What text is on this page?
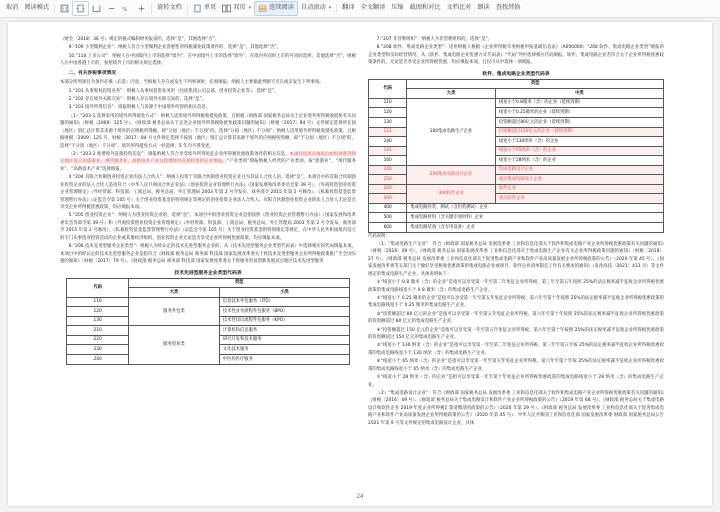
取消 阅读模式	%	旋转文档	单页	双页 ▾	连续阅读 自动滚动 ▾ 翻译 全文翻译 压缩 截图和对比 文档比对 朗读 查找替换

（财会〔2018〕36 号）规定的格式编制财务报表的，选择“是”，其他选择“否”。

9.“109 小型微利企业”：纳税人符合小型微利企业普惠性所得税减免政策条件的，选择“是”，其他选择“否”。

10.“110 上市公司”：纳税人在中国境内上市的选择“境内”，在中国境外上市的选择“境外”，在境内外同时上市的可同时选择；其他选择“否”。纳税人在中国香港上市的，参照境外上市的相关规定选择。

二、有关涉税事项情况

本部分所列项目为条件必填（必选）内容，当纳税人存在或发生下列事项时，必须填报，纳税人主要据此判断不否在或未发生下列事项。

1.“201 从事股权投资业务”：纳税人从事权投资业务的（包括集团公司总部、创业投资企业等），选择“是”。

2.“202 存在境外关联交易”：纳税人存在境外关联交易的，选择“是”。

3.“203 境外所得信息”：境报纳税人与采源于中国境外所得的相关信息。

（1）“203-1 选择采用的境外所得抵免方式”：纳税人适用境外所得税收抵免政策，且根据《财政部 国家税务总局关于企业境外所得税收抵免有关问题的通知》（财税〔2009〕125 号）、《财政部 税务总局关于完善企业境外所得税收抵免政策问题的通知》（财税〔2017〕84 号）文件规定选择所在国（地区）别汇总计算其来源于境外的应纳税所得额，即“分国（地区）不分项”的，选择“分国（地区）不分项”；纳税人适用境外所得税收抵免政策，且根据财税〔2009〕125 号、财税〔2017〕84 号文件规定选择不按国（地区）别汇总计算其来源于境外的应纳税所得额，即“不分国（地区）不分项”的，选择“不分国（地区）不分项”。境外所得抵免方式一经选择，5 年内不得变更。

（2）“203-2 新增境外直接投资信息”：填报纳税人符合享受境外所得免征企业所得税优惠政策条件的相关信息。本项目适用在海南自由贸易港等特定地区设立的旅游业、现代服务业、高新技术产业且新增境外直接投资的企业填报。“产业类别”填报纳税人经营的产业类别，按“旅游业”、“现代服务业”、“高新技术产业”选择填报。

4.“204 有限合伙制创业投资企业的法人合伙人”：纳税人投资于有限合伙制创业投资企业且为其法人合伙人的，选择“是”。本项目中的有限合伙制创业投资企业的法人合伙人是指符合《中华人民共和国合伙企业法》《创业投资企业管理暂行办法》（国家发展和改革委员会第 39 号）、《外商投资创业投资企业管理规定》（外经贸部、科技部、工商总局、税务总局、外汇管理局 2003 年第 2 号令发布；商务部令 2015 年第 2 号修改）、《私募投资基金监督管理暂行办法》（证监会令第 105 号）关于创业投资基金的特别规定等规定的创业投资企业法人合伙人。有限合伙制创业投资企业的法人合伙人无论是否享受企业所得税优惠政策，均应填报本项。

5.“205 创业投资企业”：纳税人为创业投资企业的，选择“是”。本项目中的创业投资企业是指按照《创业投资企业管理暂行办法》（国家发展和改革委员会等部令第 39 号）和《外商投资创业投资企业管理规定》（外经贸部、科技部、工商总局、税务总局、外汇管理局 2003 年第 2 号令发布，商务部令 2015 年第 2 号修改）、《私募投资基金监督管理暂行办法》（证监会令第 105 号）关于创业投资基金的特别规定等规定，在中华人民共和国境内设立的专门从事创业投资活动的企业或其他经济组织。创业投资企业无论是否享受企业所得税优惠政策，均应填报本项。

6.“206 技术先进型服务企业类型”：纳税人为经认定的技术先进型服务企业的，从《技术先进型服务企业类型代码表》中选择相应的代码填报本项。本项目中的经认定的技术先进型服务企业是指符合《财政部 税务总局 商务部 科技部 国家发展改革委关于将技术先进型服务企业所得税政策推广至全国实施的通知》（财税〔2017〕79 号）、《财政部 税务总局 商务部 科技部 国家发展改革委关于将服务贸易创新发展试点地区技术先进型服务

技术先进型服务企业类型代码表
代码	类型	
	大类	小类
110	服务外包类	信息技术外包服务（ITO）
120		技术性业务流程外包服务（BPO）
130		技术性知识流程外包服务（KPO）
210	服务贸易类	计算机和信息服务
220		研究开发和技术服务
230		文化技术服务
240		中医药医疗服务

7.“207 非营利组织”：纳税人为非营利组织的，选择“是”。

8.“208 软件、集成电路企业类型”：适用纳税人根据《企业所得税年度纳税申报基础信息表》（A000000）“208 软件、集成电路企业类型”填报的企业类型和实际经营情况，从《软件、集成电路企业优惠方式代码表》“代码”列中选择相应代码填报。软件、集成电路企业若符合关于企业所得税优惠政策条件的，无论是否享受企业所得税优惠，均应填报本项，且仅可从中选择一项填报。

软件、集成电路企业类型代码表
代码	类型	
	大类	中类
110	100集成电路生产企业	线宽小于0.8微米（含）的企业（延续到期）
120		线宽小于0.25微米的企业（延续到期）
130		投资额超过80亿元的企业（延续到期）
131		投资额超过150亿元的企业（延续到期）
140		线宽小于130纳米（含）的企业
141		线宽小于65纳米（含）的企业
160		线宽小于28纳米（含）的企业
240	200集成电路设计企业	集成电路设计企业
250		重点集成电路设计企业
330	300软件企业	软件企业
340		重点软件企业
400	集成电路封装、测试（含封装测试）企业	
500	集成电路材料（含关键专项材料）企业	
600	集成电路装备（含专用设备）企业	

代码说明：

（1）“集成电路生产企业”：符合《财政部 国家税务总局 发展改革委 工业和信息化部关于软件和集成电路产业企业所得税优惠政策有关问题的通知》（财税〔2016〕49 号）、《财政部 税务总局 国家发展改革委 工业和信息化部关于集成电路生产企业有关企业所得税政策问题的通知》（财税〔2018〕27 号）、《财政部 税务总局 发展改革委 工业和信息化部关于促进集成电路产业和软件产业高质量发展企业所得税政策的公告》（2020 年第 45 号）、《国家发展改革委等五部门关于做好享受税收优惠政策的集成电路企业或项目、软件企业清单制定工作有关要求的通知》（发改高技〔2021〕413 号）等文件规定的集成电路生产企业，具体说明如下：

①“线宽小于 0.8 微米（含）的企业”是指可以享受第一年至第二年免征企业所得税、第三年至第五年按照 25%的法定税率减半征收企业所得税优惠政策的集成电路线宽小于 0.8 微米（含）的集成电路生产企业。

②“线宽小于 0.25 微米的企业”是指可以享受第一年至第五年免征企业所得税、第六年至第十年按照 25%的法定税率减半征收企业所得税优惠政策的集成电路线宽小于 0.25 微米的集成电路生产企业。

③“投资额超过 80 亿元的企业”是指可以享受第一年至第五年免征企业所得税、第六年至第十年按照 25%的法定税率减半征收企业所得税优惠政策的投资额超过 80 亿元的集成电路生产企业。

④“投资额超过 150 亿元的企业”是指可以享受第一年至第五年免征企业所得税、第六年至第十年按照 25%的法定税率减半征收企业所得税优惠政策的投资额超过 150 亿元的集成电路生产企业。

⑤“线宽小于 130 纳米（含）的企业”是指可以享受第一年至第二年免征企业所得税、第三年至第五年按 25%的法定税率减半征收企业所得税优惠政策的集成电路线宽小于 130 纳米（含）的集成电路生产企业。

⑥“线宽小于 65 纳米（含）的企业”是指可以享受第一年至第五年免征企业所得税、第六年至第十年按 25%的法定税率减半征收企业所得税优惠政策的集成电路线宽小于 65 纳米（含）的集成电路生产企业。

⑦“线宽小于 28 纳米（含）的企业”是指可以享受第一年至第十年免征企业所得税优惠政策的集成电路线宽小于 28 纳米（含）的集成电路生产企业。

（2）“集成电路设计企业”：符合《财政部 国家税务总局 发展改革委 工业和信息化部关于软件和集成电路产业企业所得税优惠政策有关问题的通知》（财税〔2016〕49 号）、《财政部 税务总局关于集成电路设计和软件产业企业所得税政策的公告》（2019 年第 68 号）、《财政部 税务总局关于集成电路设计和软件企业 2019 年度企业所得税汇算清缴适用政策的公告》（2020 年第 29 号）、《财政部 税务总局 发展改革委 工业和信息化部关于促进集成电路产业和软件产业高质量发展企业所得税政策的公告》（2020 年第 45 号）、中华人民共和国工业和信息化部 国家发展改革委 财政部 国家税务总局公告 2021 年第 9 号等文件规定的集成电路设计企业，具体

24
